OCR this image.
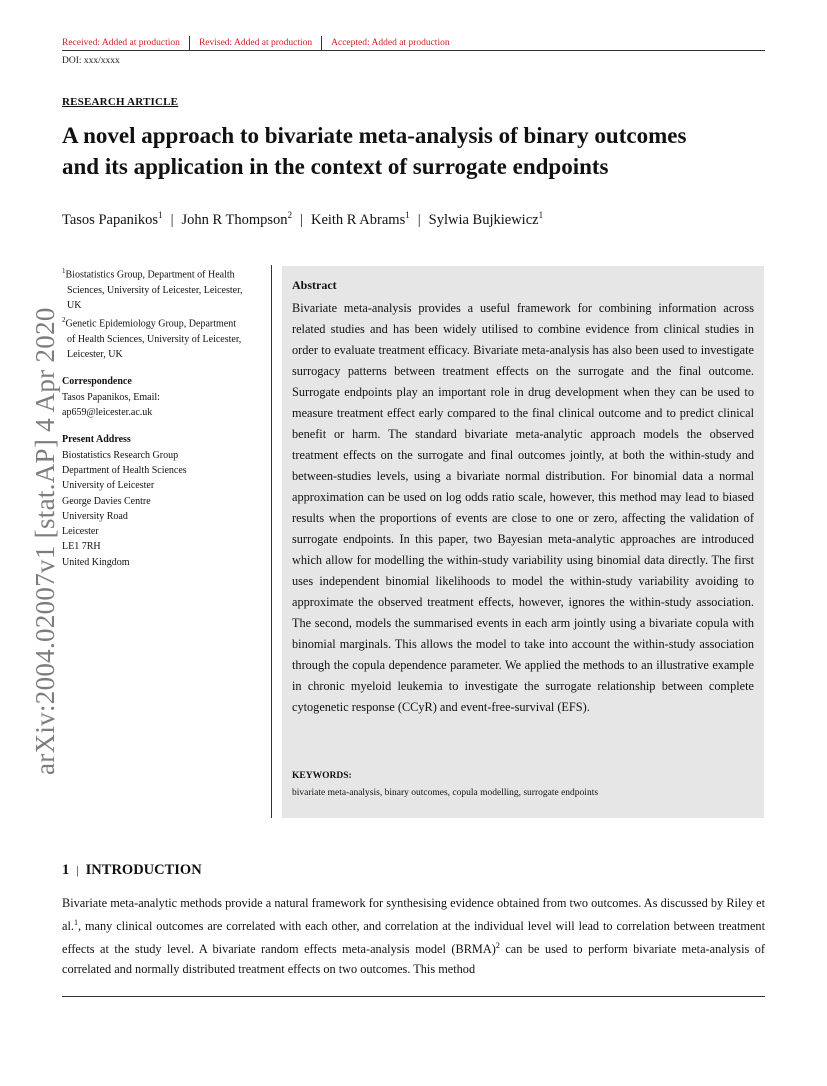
Received: Added at production Revised: Added at production Accepted: Added at production
DOI: xxx/xxxx
RESEARCH ARTICLE
A novel approach to bivariate meta-analysis of binary outcomes
and its application in the context of surrogate endpoints
Tasos Papanikos$^1$ | John R Thompson$^2$ | Keith R Abrams$^1$ | Sylwia Bujkiewicz$^1$
arXiv:2004.02007v1 [stat.AP] 4 Apr 2020
$^1$Biostatistics Group, Department of Health
Sciences, University of Leicester, Leicester,
UK
$^2$Genetic Epidemiology Group, Department
of Health Sciences, University of Leicester,
Leicester, UK
Correspondence
Tasos Papanikos, Email:
ap659@leicester.ac.uk
Present Address
Biostatistics Research Group
Department of Health Sciences
University of Leicester
George Davies Centre
University Road
Leicester
LE1 7RH
United Kingdom
Abstract
Bivariate meta-analysis provides a useful framework for combining information across related studies and has been widely utilised to combine evidence from clinical studies in order to evaluate treatment efficacy. Bivariate meta-analysis has also been used to investigate surrogacy patterns between treatment effects on the surrogate and the final outcome. Surrogate endpoints play an important role in drug development when they can be used to measure treatment effect early compared to the final clinical outcome and to predict clinical benefit or harm. The standard bivariate meta-analytic approach models the observed treatment effects on the surrogate and final outcomes jointly, at both the within-study and between-studies levels, using a bivariate normal distribution. For binomial data a normal approximation can be used on log odds ratio scale, however, this method may lead to biased results when the proportions of events are close to one or zero, affecting the validation of surrogate endpoints. In this paper, two Bayesian meta-analytic approaches are introduced which allow for modelling the within-study variability using binomial data directly. The first uses independent binomial likelihoods to model the within-study variability avoiding to approximate the observed treatment effects, however, ignores the within-study association. The second, models the summarised events in each arm jointly using a bivariate copula with binomial marginals. This allows the model to take into account the within-study association through the copula dependence parameter. We applied the methods to an illustrative example in chronic myeloid leukemia to investigate the surrogate relationship between complete cytogenetic response (CCyR) and event-free-survival (EFS).
KEYWORDS:
bivariate meta-analysis, binary outcomes, copula modelling, surrogate endpoints
1 | INTRODUCTION
Bivariate meta-analytic methods provide a natural framework for synthesising evidence obtained from two outcomes. As discussed by Riley et al.$^1$, many clinical outcomes are correlated with each other, and correlation at the individual level will lead to correlation between treatment effects at the study level. A bivariate random effects meta-analysis model (BRMA)$^2$ can be used to perform bivariate meta-analysis of correlated and normally distributed treatment effects on two outcomes. This method
